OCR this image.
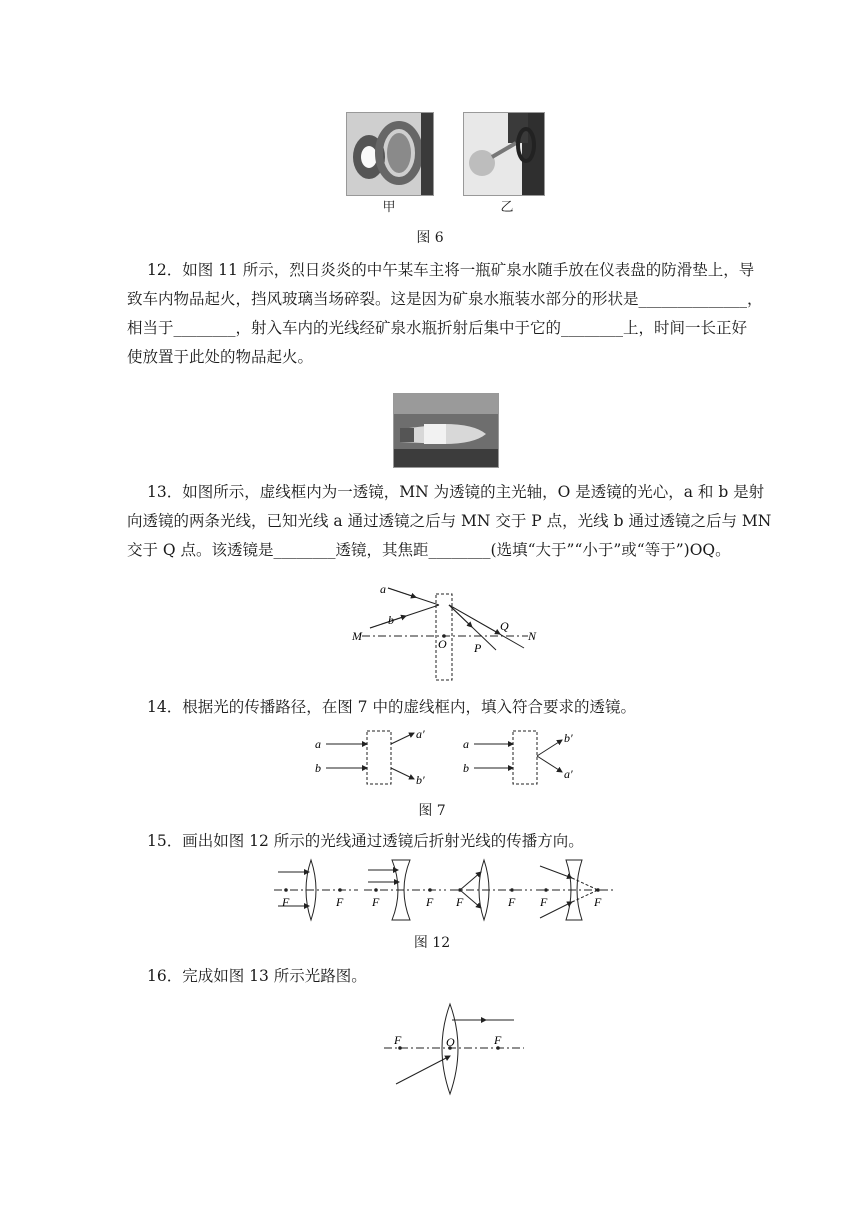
甲	乙
图 6
12．如图 11 所示，烈日炎炎的中午某车主将一瓶矿泉水随手放在仪表盘的防滑垫上，导
致车内物品起火，挡风玻璃当场碎裂。这是因为矿泉水瓶装水部分的形状是______________，
相当于________，射入车内的光线经矿泉水瓶折射后集中于它的________上，时间一长正好
使放置于此处的物品起火。
13．如图所示，虚线框内为一透镜，MN 为透镜的主光轴，O 是透镜的光心，a 和 b 是射
向透镜的两条光线，已知光线 a 通过透镜之后与 MN 交于 P 点，光线 b 通过透镜之后与 MN
交于 Q 点。该透镜是________透镜，其焦距________(选填“大于”“小于”或“等于”)OQ。
a
b
M	N
O P
Q
14．根据光的传播路径，在图 7 中的虚线框内，填入符合要求的透镜。
a
b
a′
b′
a
b
b′
a′
图 7
15．画出如图 12 所示的光线通过透镜后折射光线的传播方向。
F	F F	F F	F F	F
图 12
16．完成如图 13 所示光路图。
F	O	F
